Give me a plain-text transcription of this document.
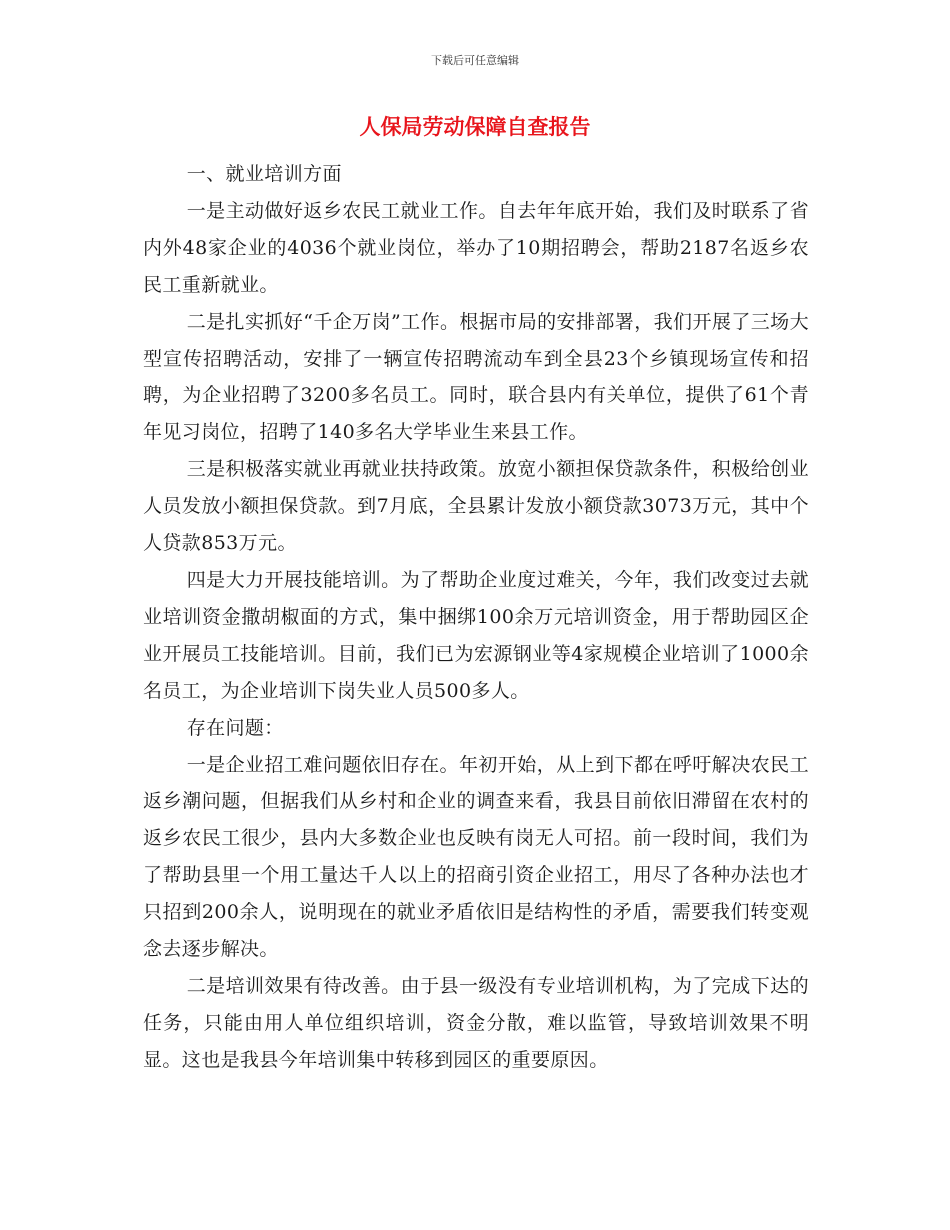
下载后可任意编辑
人保局劳动保障自查报告

一、就业培训方面

一是主动做好返乡农民工就业工作。自去年年底开始，我们及时联系了省内外48家企业的4036个就业岗位，举办了10期招聘会，帮助2187名返乡农民工重新就业。

二是扎实抓好“千企万岗”工作。根据市局的安排部署，我们开展了三场大型宣传招聘活动，安排了一辆宣传招聘流动车到全县23个乡镇现场宣传和招聘，为企业招聘了3200多名员工。同时，联合县内有关单位，提供了61个青年见习岗位，招聘了140多名大学毕业生来县工作。

三是积极落实就业再就业扶持政策。放宽小额担保贷款条件，积极给创业人员发放小额担保贷款。到7月底，全县累计发放小额贷款3073万元，其中个人贷款853万元。

四是大力开展技能培训。为了帮助企业度过难关，今年，我们改变过去就业培训资金撒胡椒面的方式，集中捆绑100余万元培训资金，用于帮助园区企业开展员工技能培训。目前，我们已为宏源钢业等4家规模企业培训了1000余名员工，为企业培训下岗失业人员500多人。

存在问题：

一是企业招工难问题依旧存在。年初开始，从上到下都在呼吁解决农民工返乡潮问题，但据我们从乡村和企业的调查来看，我县目前依旧滞留在农村的返乡农民工很少，县内大多数企业也反映有岗无人可招。前一段时间，我们为了帮助县里一个用工量达千人以上的招商引资企业招工，用尽了各种办法也才只招到200余人，说明现在的就业矛盾依旧是结构性的矛盾，需要我们转变观念去逐步解决。

二是培训效果有待改善。由于县一级没有专业培训机构，为了完成下达的任务，只能由用人单位组织培训，资金分散，难以监管，导致培训效果不明显。这也是我县今年培训集中转移到园区的重要原因。
